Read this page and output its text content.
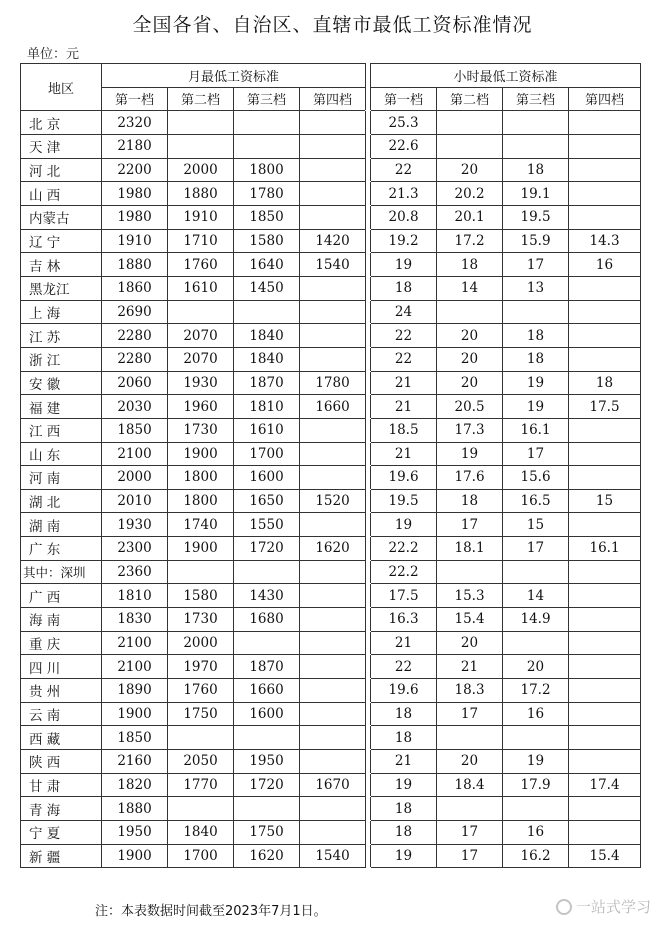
全国各省、自治区、直辖市最低工资标准情况
单位：元
地区	月最低工资标准					小时最低工资标准			
	第一档	第二档	第三档	第四档		第一档	第二档	第三档	第四档
北 京	2320					25.3			
天 津	2180					22.6			
河 北	2200	2000	1800			22	20	18	
山 西	1980	1880	1780			21.3	20.2	19.1	
内蒙古	1980	1910	1850			20.8	20.1	19.5	
辽 宁	1910	1710	1580	1420		19.2	17.2	15.9	14.3
吉 林	1880	1760	1640	1540		19	18	17	16
黑龙江	1860	1610	1450			18	14	13	
上 海	2690					24			
江 苏	2280	2070	1840			22	20	18	
浙 江	2280	2070	1840			22	20	18	
安 徽	2060	1930	1870	1780		21	20	19	18
福 建	2030	1960	1810	1660		21	20.5	19	17.5
江 西	1850	1730	1610			18.5	17.3	16.1	
山 东	2100	1900	1700			21	19	17	
河 南	2000	1800	1600			19.6	17.6	15.6	
湖 北	2010	1800	1650	1520		19.5	18	16.5	15
湖 南	1930	1740	1550			19	17	15	
广 东	2300	1900	1720	1620		22.2	18.1	17	16.1
其中：深圳	2360					22.2			
广 西	1810	1580	1430			17.5	15.3	14	
海 南	1830	1730	1680			16.3	15.4	14.9	
重 庆	2100	2000				21	20		
四 川	2100	1970	1870			22	21	20	
贵 州	1890	1760	1660			19.6	18.3	17.2	
云 南	1900	1750	1600			18	17	16	
西 藏	1850					18			
陕 西	2160	2050	1950			21	20	19	
甘 肃	1820	1770	1720	1670		19	18.4	17.9	17.4
青 海	1880					18			
宁 夏	1950	1840	1750			18	17	16	
新 疆	1900	1700	1620	1540		19	17	16.2	15.4
注：本表数据时间截至2023年7月1日。	一站式学习
